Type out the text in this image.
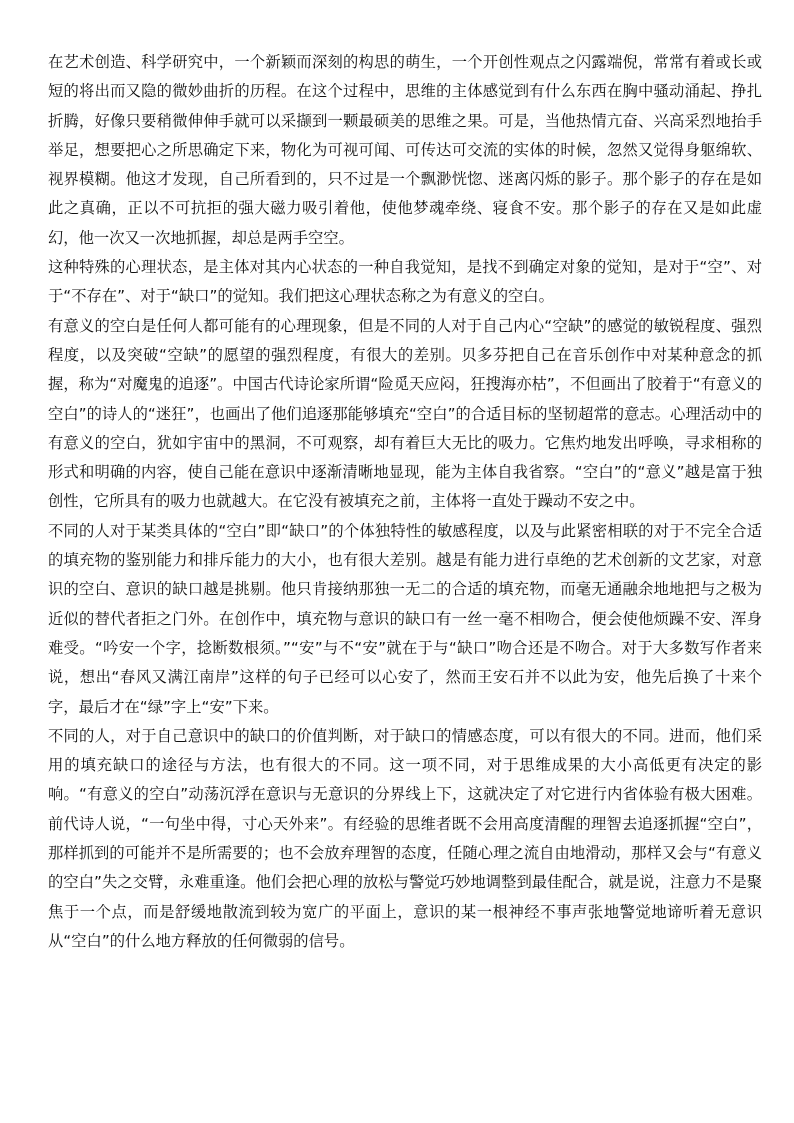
在艺术创造、科学研究中，一个新颖而深刻的构思的萌生，一个开创性观点之闪露端倪，常常有着或长或短的将出而又隐的微妙曲折的历程。在这个过程中，思维的主体感觉到有什么东西在胸中骚动涌起、挣扎折腾，好像只要稍微伸伸手就可以采撷到一颗最硕美的思维之果。可是，当他热情亢奋、兴高采烈地抬手举足，想要把心之所思确定下来，物化为可视可闻、可传达可交流的实体的时候，忽然又觉得身躯绵软、视界模糊。他这才发现，自己所看到的，只不过是一个飘渺恍惚、迷离闪烁的影子。那个影子的存在是如此之真确，正以不可抗拒的强大磁力吸引着他，使他梦魂牵绕、寝食不安。那个影子的存在又是如此虚幻，他一次又一次地抓握，却总是两手空空。

这种特殊的心理状态，是主体对其内心状态的一种自我觉知，是找不到确定对象的觉知，是对于“空”、对于“不存在”、对于“缺口”的觉知。我们把这心理状态称之为有意义的空白。

有意义的空白是任何人都可能有的心理现象，但是不同的人对于自己内心“空缺”的感觉的敏锐程度、强烈程度，以及突破“空缺”的愿望的强烈程度，有很大的差别。贝多芬把自己在音乐创作中对某种意念的抓握，称为“对魔鬼的追逐”。中国古代诗论家所谓“险觅天应闷，狂搜海亦枯”，不但画出了胶着于“有意义的空白”的诗人的“迷狂”，也画出了他们追逐那能够填充“空白”的合适目标的坚韧超常的意志。心理活动中的有意义的空白，犹如宇宙中的黑洞，不可观察，却有着巨大无比的吸力。它焦灼地发出呼唤，寻求相称的形式和明确的内容，使自己能在意识中逐渐清晰地显现，能为主体自我省察。“空白”的“意义”越是富于独创性，它所具有的吸力也就越大。在它没有被填充之前，主体将一直处于躁动不安之中。

不同的人对于某类具体的“空白”即“缺口”的个体独特性的敏感程度，以及与此紧密相联的对于不完全合适的填充物的鉴别能力和排斥能力的大小，也有很大差别。越是有能力进行卓绝的艺术创新的文艺家，对意识的空白、意识的缺口越是挑剔。他只肯接纳那独一无二的合适的填充物，而毫无通融余地地把与之极为近似的替代者拒之门外。在创作中，填充物与意识的缺口有一丝一毫不相吻合，便会使他烦躁不安、浑身难受。“吟安一个字，捻断数根须。”“安”与不“安”就在于与“缺口”吻合还是不吻合。对于大多数写作者来说，想出“春风又满江南岸”这样的句子已经可以心安了，然而王安石并不以此为安，他先后换了十来个字，最后才在“绿”字上“安”下来。

不同的人，对于自己意识中的缺口的价值判断，对于缺口的情感态度，可以有很大的不同。进而，他们采用的填充缺口的途径与方法，也有很大的不同。这一项不同，对于思维成果的大小高低更有决定的影响。“有意义的空白”动荡沉浮在意识与无意识的分界线上下，这就决定了对它进行内省体验有极大困难。前代诗人说，“一句坐中得，寸心天外来”。有经验的思维者既不会用高度清醒的理智去追逐抓握“空白”，那样抓到的可能并不是所需要的；也不会放弃理智的态度，任随心理之流自由地滑动，那样又会与“有意义的空白”失之交臂，永难重逢。他们会把心理的放松与警觉巧妙地调整到最佳配合，就是说，注意力不是聚焦于一个点，而是舒缓地散流到较为宽广的平面上，意识的某一根神经不事声张地警觉地谛听着无意识从“空白”的什么地方释放的任何微弱的信号。
